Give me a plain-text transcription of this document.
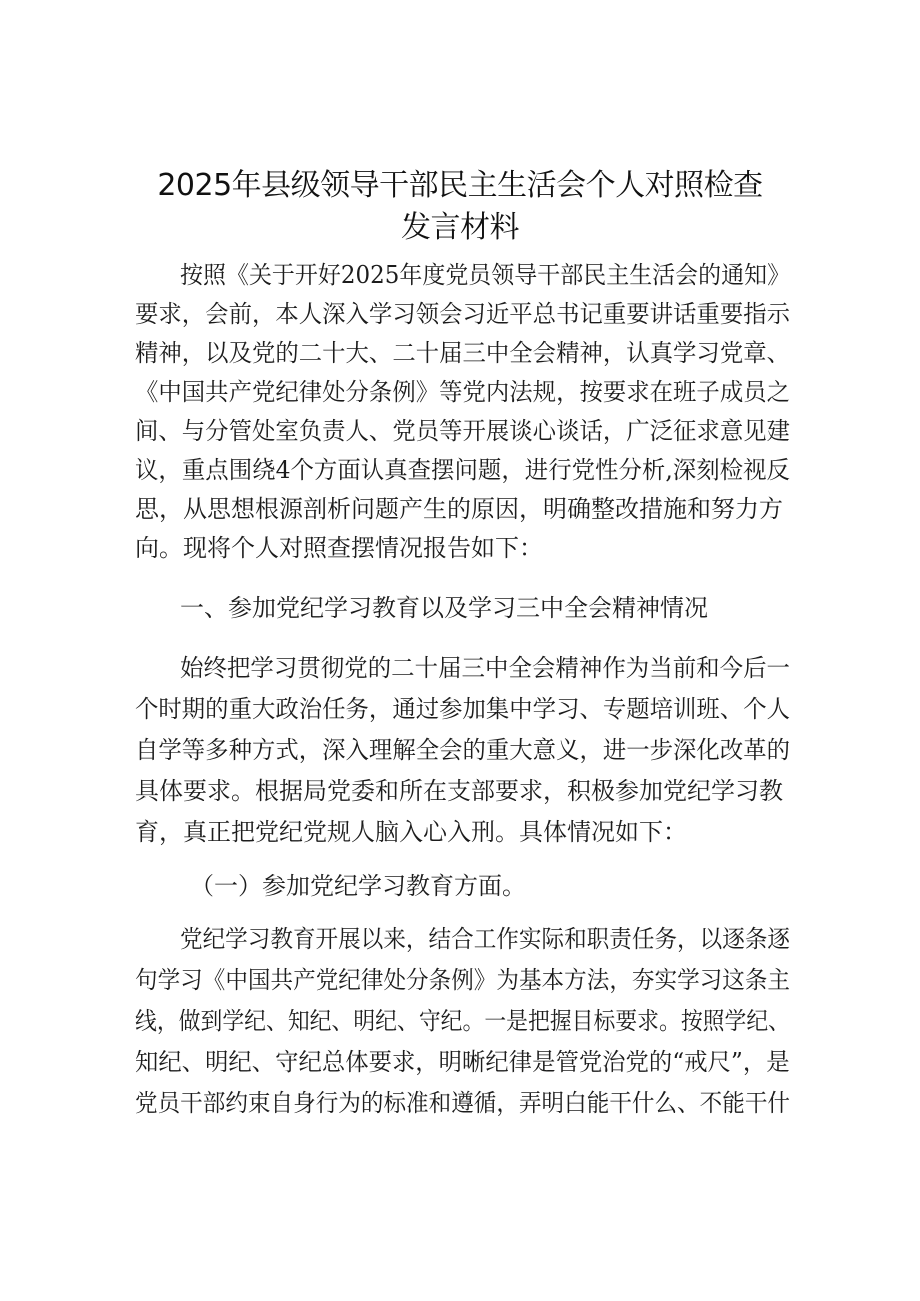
2025年县级领导干部民主生活会个人对照检查
发言材料
按照《关于开好2025年度党员领导干部民主生活会的通知》
要求，会前，本人深入学习领会习近平总书记重要讲话重要指示
精神，以及党的二十大、二十届三中全会精神，认真学习党章、
《中国共产党纪律处分条例》等党内法规，按要求在班子成员之
间、与分管处室负责人、党员等开展谈心谈话，广泛征求意见建
议，重点围绕4个方面认真查摆问题，进行党性分析,深刻检视反
思，从思想根源剖析问题产生的原因，明确整改措施和努力方
向。现将个人对照查摆情况报告如下：
一、参加党纪学习教育以及学习三中全会精神情况
始终把学习贯彻党的二十届三中全会精神作为当前和今后一
个时期的重大政治任务，通过参加集中学习、专题培训班、个人
自学等多种方式，深入理解全会的重大意义，进一步深化改革的
具体要求。根据局党委和所在支部要求，积极参加党纪学习教
育，真正把党纪党规人脑入心入刑。具体情况如下：
（一）参加党纪学习教育方面。
党纪学习教育开展以来，结合工作实际和职责任务，以逐条逐
句学习《中国共产党纪律处分条例》为基本方法，夯实学习这条主
线，做到学纪、知纪、明纪、守纪。一是把握目标要求。按照学纪、
知纪、明纪、守纪总体要求，明晰纪律是管党治党的“戒尺”，是
党员干部约束自身行为的标准和遵循，弄明白能干什么、不能干什
